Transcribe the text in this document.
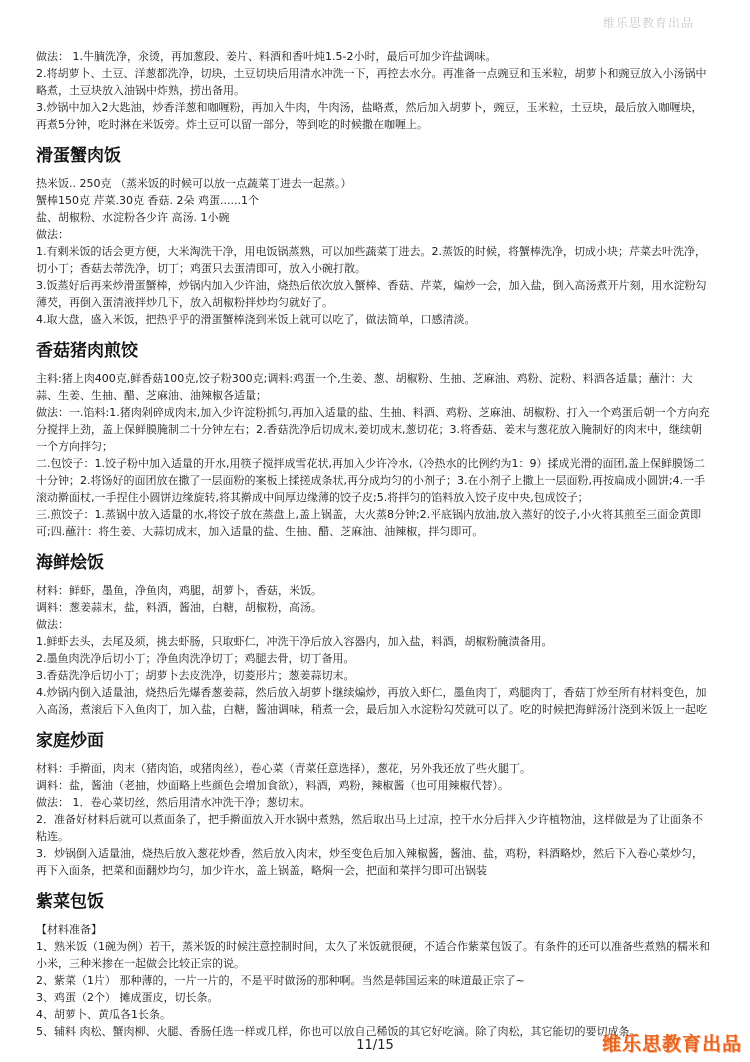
维乐思教育出品

做法： 1.牛腩洗净，氽烫，再加葱段、姜片、料酒和香叶炖1.5-2小时，最后可加少许盐调味。

2.将胡萝卜、土豆、洋葱都洗净，切块，土豆切块后用清水冲洗一下，再控去水分。再准备一点豌豆和玉米粒，胡萝卜和豌豆放入小汤锅中略煮，土豆块放入油锅中炸熟，捞出备用。

3.炒锅中加入2大匙油，炒香洋葱和咖喱粉，再加入牛肉，牛肉汤，盐略煮，然后加入胡萝卜，豌豆，玉米粒，土豆块，最后放入咖喱块，再煮5分钟，吃时淋在米饭旁。炸土豆可以留一部分，等到吃的时候撒在咖喱上。

滑蛋蟹肉饭

热米饭.. 250克 （蒸米饭的时候可以放一点蔬菜丁进去一起蒸。）

蟹棒150克 芹菜.30克 香菇. 2朵 鸡蛋......1个

盐、胡椒粉、水淀粉各少许 高汤. 1小碗

做法：

1.有剩米饭的话会更方便，大米淘洗干净，用电饭锅蒸熟，可以加些蔬菜丁进去。2.蒸饭的时候，将蟹棒洗净，切成小块；芹菜去叶洗净，切小丁；香菇去蒂洗净，切丁；鸡蛋只去蛋清即可，放入小碗打散。

3.饭蒸好后再来炒滑蛋蟹棒，炒锅内加入少许油，烧热后依次放入蟹棒、香菇、芹菜，煸炒一会，加入盐，倒入高汤煮开片刻，用水淀粉勾薄芡，再倒入蛋清液拌炒几下，放入胡椒粉拌炒均匀就好了。

4.取大盘，盛入米饭，把热乎乎的滑蛋蟹棒浇到米饭上就可以吃了，做法简单，口感清淡。

香菇猪肉煎饺

主料:猪上肉400克,鲜香菇100克,饺子粉300克;调料:鸡蛋一个,生姜、葱、胡椒粉、生抽、芝麻油、鸡粉、淀粉、料酒各适量；蘸汁：大蒜、生姜、生抽、醋、芝麻油、油辣椒各适量；

做法：一.馅料:1.猪肉剁碎成肉末,加入少许淀粉抓匀,再加入适量的盐、生抽、料酒、鸡粉、芝麻油、胡椒粉、打入一个鸡蛋后朝一个方向充分搅拌上劲，盖上保鲜膜腌制二十分钟左右；2.香菇洗净后切成末,姜切成末,葱切花；3.将香菇、姜末与葱花放入腌制好的肉末中，继续朝一个方向拌匀；

二.包饺子：1.饺子粉中加入适量的开水,用筷子搅拌成雪花状,再加入少许冷水,（冷热水的比例约为1：9）揉成光滑的面团,盖上保鲜膜饧二十分钟；2.将饧好的面团放在撒了一层面粉的案板上揉搓成条状,再分成均匀的小剂子；3.在小剂子上撒上一层面粉,再按扁成小圆饼;4.一手滚动擀面杖,一手捏住小圆饼边缘旋转,将其擀成中间厚边缘薄的饺子皮;5.将拌匀的馅料放入饺子皮中央,包成饺子；

三.煎饺子：1.蒸锅中放入适量的水,将饺子放在蒸盘上,盖上锅盖，大火蒸8分钟;2.平底锅内放油,放入蒸好的饺子,小火将其煎至三面金黄即可;四.蘸汁：将生姜、大蒜切成末，加入适量的盐、生抽、醋、芝麻油、油辣椒，拌匀即可。

海鲜烩饭

材料：鲜虾，墨鱼，净鱼肉，鸡腿，胡萝卜，香菇，米饭。

调料：葱姜蒜末，盐，料酒，酱油，白糖，胡椒粉，高汤。

做法：

1.鲜虾去头，去尾及须，挑去虾肠，只取虾仁，冲洗干净后放入容器内，加入盐，料酒，胡椒粉腌渍备用。

2.墨鱼肉洗净后切小丁；净鱼肉洗净切丁；鸡腿去骨，切丁备用。

3.香菇洗净后切小丁；胡萝卜去皮洗净，切菱形片；葱姜蒜切末。

4.炒锅内倒入适量油，烧热后先爆香葱姜蒜，然后放入胡萝卜继续煸炒，再放入虾仁，墨鱼肉丁，鸡腿肉丁，香菇丁炒至所有材料变色，加入高汤，煮滚后下入鱼肉丁，加入盐，白糖，酱油调味，稍煮一会，最后加入水淀粉勾芡就可以了。吃的时候把海鲜汤汁浇到米饭上一起吃

家庭炒面

材料：手擀面，肉末（猪肉馅，或猪肉丝），卷心菜（青菜任意选择），葱花，另外我还放了些火腿丁。

调料：盐，酱油（老抽，炒面略上些颜色会增加食欲），料酒，鸡粉，辣椒酱（也可用辣椒代替）。

做法： 1．卷心菜切丝，然后用清水冲洗干净；葱切末。

2．准备好材料后就可以煮面条了，把手擀面放入开水锅中煮熟，然后取出马上过凉，控干水分后拌入少许植物油，这样做是为了让面条不粘连。

3．炒锅倒入适量油，烧热后放入葱花炒香，然后放入肉末，炒至变色后加入辣椒酱，酱油、盐，鸡粉，料酒略炒，然后下入卷心菜炒匀，再下入面条，把菜和面翻炒均匀，加少许水，盖上锅盖，略焖一会，把面和菜拌匀即可出锅装

紫菜包饭

【材料准备】

1、熟米饭（1碗为例）若干，蒸米饭的时候注意控制时间，太久了米饭就很硬，不适合作紫菜包饭了。有条件的还可以准备些煮熟的糯米和小米，三种米掺在一起做会比较正宗的说。

2、紫菜（1片） 那种薄的，一片一片的，不是平时做汤的那种啊。当然是韩国运来的味道最正宗了~

3、鸡蛋（2个） 摊成蛋皮，切长条。

4、胡萝卜、黄瓜各1长条。

5、辅料 肉松、蟹肉柳、火腿、香肠任选一样或几样，你也可以放自己稀饭的其它好吃滴。除了肉松，其它能切的要切成条。

11/15	维乐思教育出品
